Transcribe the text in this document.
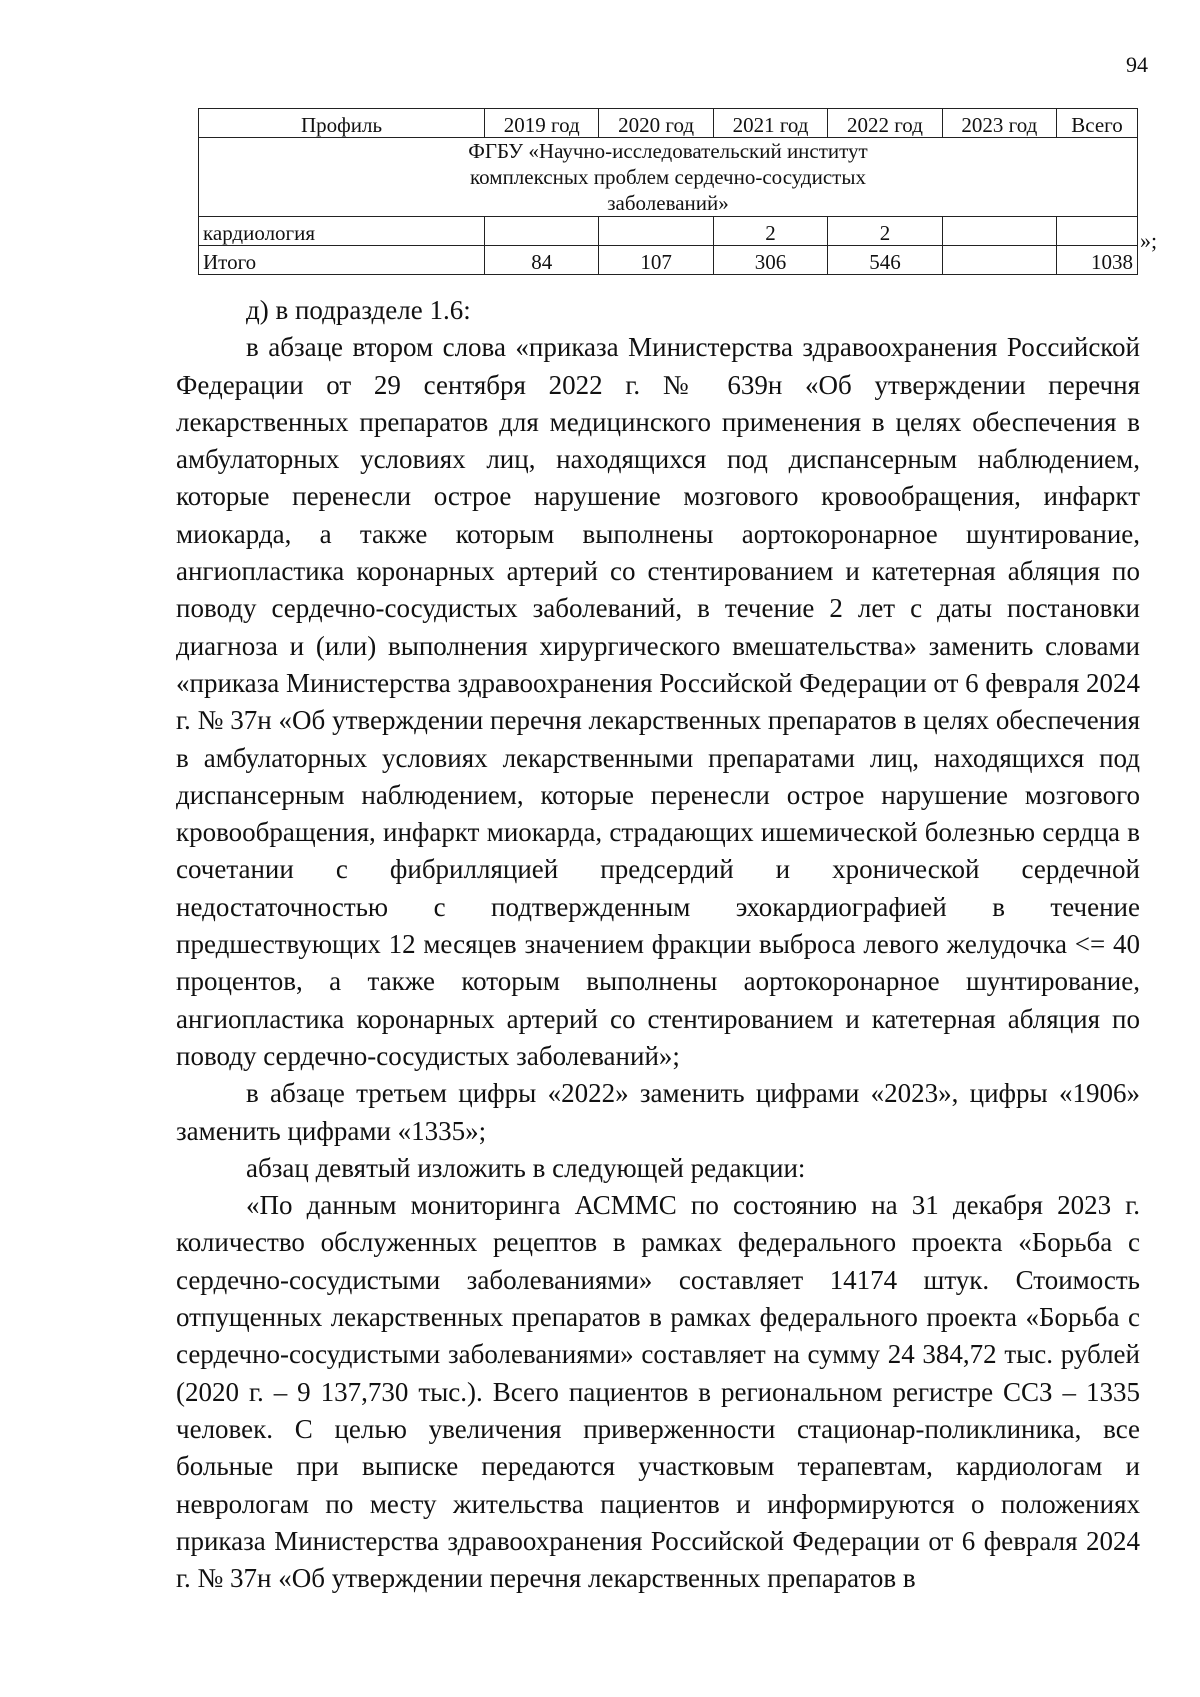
94
Профиль	2019 год	2020 год	2021 год	2022 год	2023 год	Всего
ФГБУ «Научно-исследовательский институт комплексных проблем сердечно-сосудистых заболеваний»						
кардиология			2	2		
Итого	84	107	306	546		1038
»;

д) в подразделе 1.6:

в абзаце втором слова «приказа Министерства здравоохранения Российской Федерации от 29 сентября 2022 г. № 639н «Об утверждении перечня лекарственных препаратов для медицинского применения в целях обеспечения в амбулаторных условиях лиц, находящихся под диспансерным наблюдением, которые перенесли острое нарушение мозгового кровообращения, инфаркт миокарда, а также которым выполнены аортокоронарное шунтирование, ангиопластика коронарных артерий со стентированием и катетерная абляция по поводу сердечно-сосудистых заболеваний, в течение 2 лет с даты постановки диагноза и (или) выполнения хирургического вмешательства» заменить словами «приказа Министерства здравоохранения Российской Федерации от 6 февраля 2024 г. № 37н «Об утверждении перечня лекарственных препаратов в целях обеспечения в амбулаторных условиях лекарственными препаратами лиц, находящихся под диспансерным наблюдением, которые перенесли острое нарушение мозгового кровообращения, инфаркт миокарда, страдающих ишемической болезнью сердца в сочетании с фибрилляцией предсердий и хронической сердечной недостаточностью с подтвержденным эхокардиографией в течение предшествующих 12 месяцев значением фракции выброса левого желудочка <= 40 процентов, а также которым выполнены аортокоронарное шунтирование, ангиопластика коронарных артерий со стентированием и катетерная абляция по поводу сердечно-сосудистых заболеваний»;

в абзаце третьем цифры «2022» заменить цифрами «2023», цифры «1906» заменить цифрами «1335»;

абзац девятый изложить в следующей редакции:

«По данным мониторинга АСММС по состоянию на 31 декабря 2023 г. количество обслуженных рецептов в рамках федерального проекта «Борьба с сердечно-сосудистыми заболеваниями» составляет 14174 штук. Стоимость отпущенных лекарственных препаратов в рамках федерального проекта «Борьба с сердечно-сосудистыми заболеваниями» составляет на сумму 24 384,72 тыс. рублей (2020 г. – 9 137,730 тыс.). Всего пациентов в региональном регистре ССЗ – 1335 человек. С целью увеличения приверженности стационар-поликлиника, все больные при выписке передаются участковым терапевтам, кардиологам и неврологам по месту жительства пациентов и информируются о положениях приказа Министерства здравоохранения Российской Федерации от 6 февраля 2024 г. № 37н «Об утверждении перечня лекарственных препаратов в
